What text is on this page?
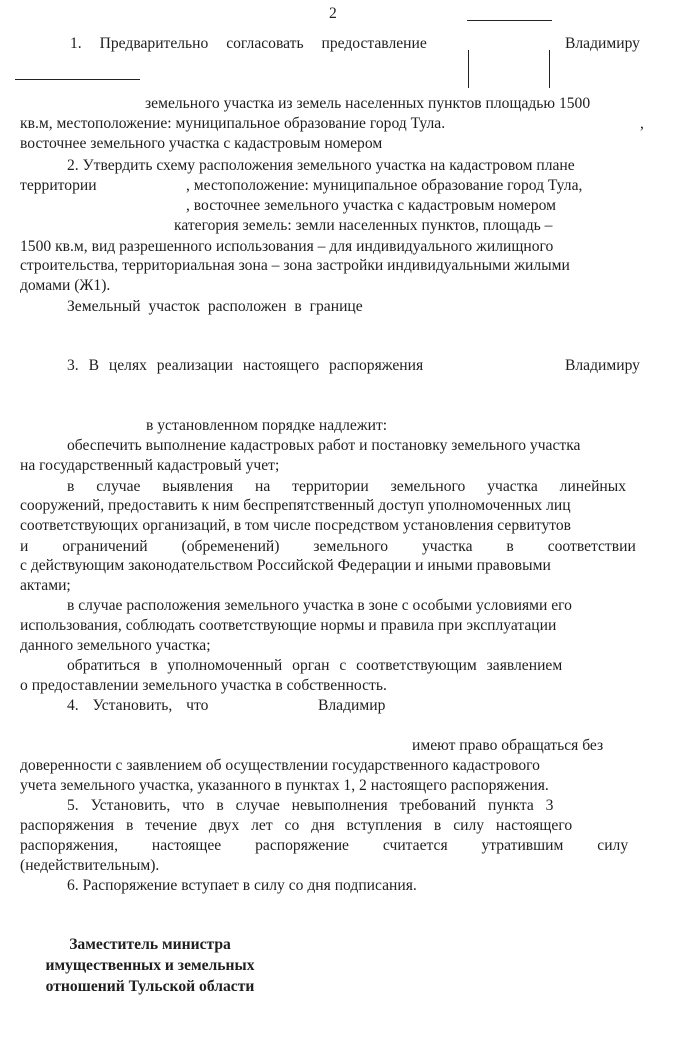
2
1. Предварительно согласовать предоставление	Владимиру
земельного участка из земель населенных пунктов площадью 1500
кв.м, местоположение: муниципальное образование город Тула.	,
восточнее земельного участка с кадастровым номером
2. Утвердить схему расположения земельного участка на кадастровом плане
территории	, местоположение: муниципальное образование город Тула,
, восточнее земельного участка с кадастровым номером
категория земель: земли населенных пунктов, площадь –
1500 кв.м, вид разрешенного использования – для индивидуального жилищного
строительства, территориальная зона – зона застройки индивидуальными жилыми
домами (Ж1).
Земельный участок расположен в границе
3. В целях реализации настоящего распоряжения	Владимиру
в установленном порядке надлежит:
обеспечить выполнение кадастровых работ и постановку земельного участка
на государственный кадастровый учет;
в случае выявления на территории земельного участка линейных
сооружений, предоставить к ним беспрепятственный доступ уполномоченных лиц
соответствующих организаций, в том числе посредством установления сервитутов
и ограничений (обременений) земельного участка в соответствии
с действующим законодательством Российской Федерации и иными правовыми
актами;
в случае расположения земельного участка в зоне с особыми условиями его
использования, соблюдать соответствующие нормы и правила при эксплуатации
данного земельного участка;
обратиться в уполномоченный орган с соответствующим заявлением
о предоставлении земельного участка в собственность.
4. Установить, что	Владимир
имеют право обращаться без
доверенности с заявлением об осуществлении государственного кадастрового
учета земельного участка, указанного в пунктах 1, 2 настоящего распоряжения.
5. Установить, что в случае невыполнения требований пункта 3
распоряжения в течение двух лет со дня вступления в силу настоящего
распоряжения, настоящее распоряжение считается утратившим силу
(недействительным).
6. Распоряжение вступает в силу со дня подписания.
Заместитель министра
имущественных и земельных
отношений Тульской области
